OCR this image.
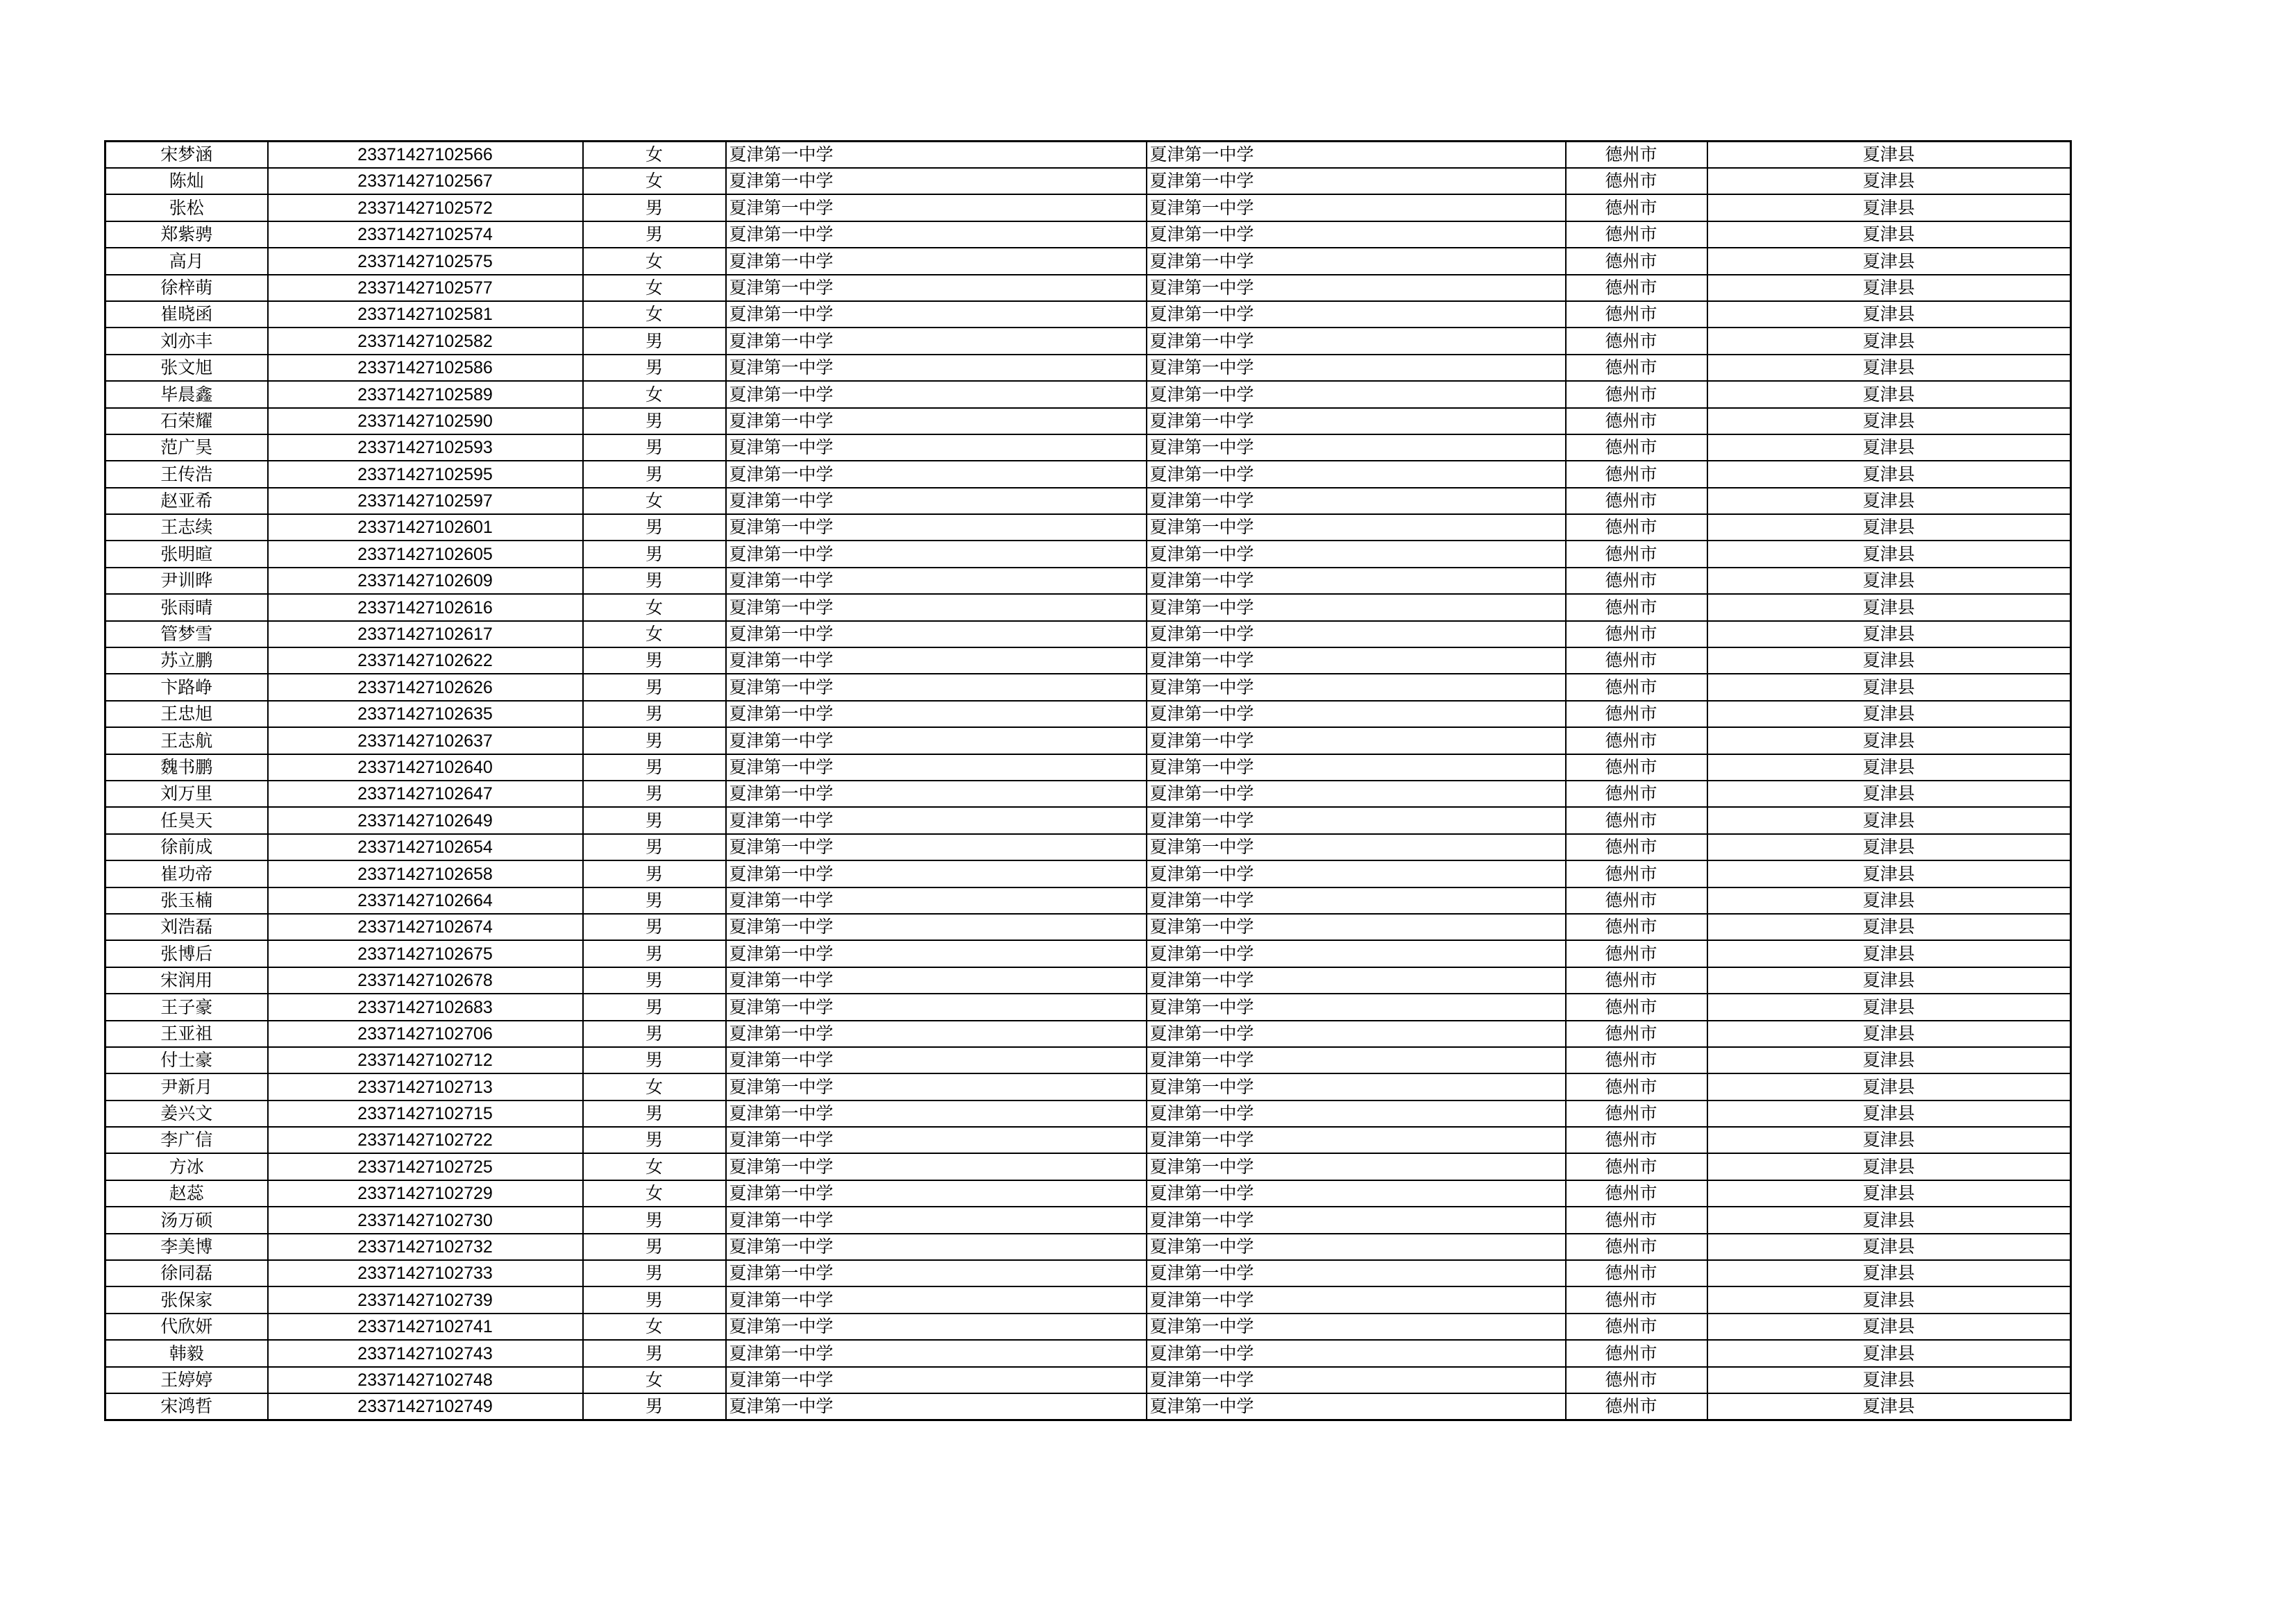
宋梦涵	23371427102566	女	夏津第一中学	夏津第一中学	德州市	夏津县
陈灿	23371427102567	女	夏津第一中学	夏津第一中学	德州市	夏津县
张松	23371427102572	男	夏津第一中学	夏津第一中学	德州市	夏津县
郑紫骋	23371427102574	男	夏津第一中学	夏津第一中学	德州市	夏津县
高月	23371427102575	女	夏津第一中学	夏津第一中学	德州市	夏津县
徐梓萌	23371427102577	女	夏津第一中学	夏津第一中学	德州市	夏津县
崔晓函	23371427102581	女	夏津第一中学	夏津第一中学	德州市	夏津县
刘亦丰	23371427102582	男	夏津第一中学	夏津第一中学	德州市	夏津县
张文旭	23371427102586	男	夏津第一中学	夏津第一中学	德州市	夏津县
毕晨鑫	23371427102589	女	夏津第一中学	夏津第一中学	德州市	夏津县
石荣耀	23371427102590	男	夏津第一中学	夏津第一中学	德州市	夏津县
范广昊	23371427102593	男	夏津第一中学	夏津第一中学	德州市	夏津县
王传浩	23371427102595	男	夏津第一中学	夏津第一中学	德州市	夏津县
赵亚希	23371427102597	女	夏津第一中学	夏津第一中学	德州市	夏津县
王志续	23371427102601	男	夏津第一中学	夏津第一中学	德州市	夏津县
张明暄	23371427102605	男	夏津第一中学	夏津第一中学	德州市	夏津县
尹训晔	23371427102609	男	夏津第一中学	夏津第一中学	德州市	夏津县
张雨晴	23371427102616	女	夏津第一中学	夏津第一中学	德州市	夏津县
管梦雪	23371427102617	女	夏津第一中学	夏津第一中学	德州市	夏津县
苏立鹏	23371427102622	男	夏津第一中学	夏津第一中学	德州市	夏津县
卞路峥	23371427102626	男	夏津第一中学	夏津第一中学	德州市	夏津县
王忠旭	23371427102635	男	夏津第一中学	夏津第一中学	德州市	夏津县
王志航	23371427102637	男	夏津第一中学	夏津第一中学	德州市	夏津县
魏书鹏	23371427102640	男	夏津第一中学	夏津第一中学	德州市	夏津县
刘万里	23371427102647	男	夏津第一中学	夏津第一中学	德州市	夏津县
任昊天	23371427102649	男	夏津第一中学	夏津第一中学	德州市	夏津县
徐前成	23371427102654	男	夏津第一中学	夏津第一中学	德州市	夏津县
崔功帝	23371427102658	男	夏津第一中学	夏津第一中学	德州市	夏津县
张玉楠	23371427102664	男	夏津第一中学	夏津第一中学	德州市	夏津县
刘浩磊	23371427102674	男	夏津第一中学	夏津第一中学	德州市	夏津县
张博后	23371427102675	男	夏津第一中学	夏津第一中学	德州市	夏津县
宋润用	23371427102678	男	夏津第一中学	夏津第一中学	德州市	夏津县
王子豪	23371427102683	男	夏津第一中学	夏津第一中学	德州市	夏津县
王亚祖	23371427102706	男	夏津第一中学	夏津第一中学	德州市	夏津县
付士豪	23371427102712	男	夏津第一中学	夏津第一中学	德州市	夏津县
尹新月	23371427102713	女	夏津第一中学	夏津第一中学	德州市	夏津县
姜兴文	23371427102715	男	夏津第一中学	夏津第一中学	德州市	夏津县
李广信	23371427102722	男	夏津第一中学	夏津第一中学	德州市	夏津县
方冰	23371427102725	女	夏津第一中学	夏津第一中学	德州市	夏津县
赵蕊	23371427102729	女	夏津第一中学	夏津第一中学	德州市	夏津县
汤万硕	23371427102730	男	夏津第一中学	夏津第一中学	德州市	夏津县
李美博	23371427102732	男	夏津第一中学	夏津第一中学	德州市	夏津县
徐同磊	23371427102733	男	夏津第一中学	夏津第一中学	德州市	夏津县
张保家	23371427102739	男	夏津第一中学	夏津第一中学	德州市	夏津县
代欣妍	23371427102741	女	夏津第一中学	夏津第一中学	德州市	夏津县
韩毅	23371427102743	男	夏津第一中学	夏津第一中学	德州市	夏津县
王婷婷	23371427102748	女	夏津第一中学	夏津第一中学	德州市	夏津县
宋鸿哲	23371427102749	男	夏津第一中学	夏津第一中学	德州市	夏津县
